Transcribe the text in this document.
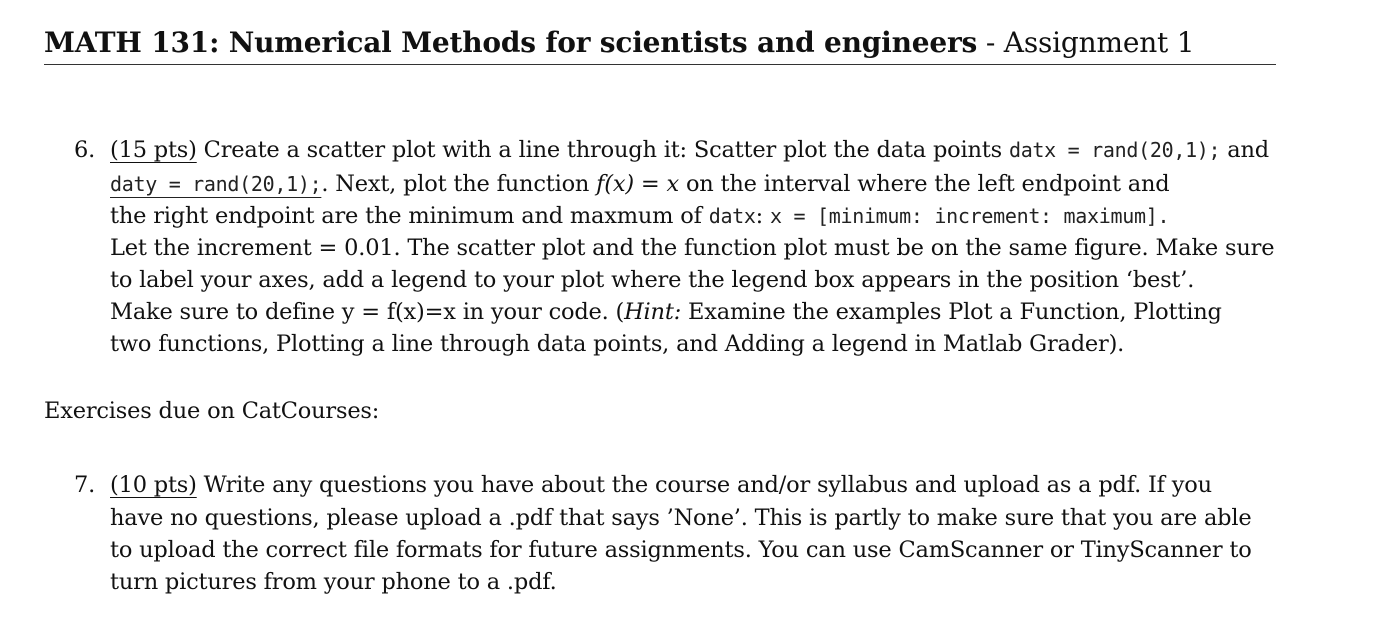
MATH 131: Numerical Methods for scientists and engineers - Assignment 1
6. (15 pts) Create a scatter plot with a line through it: Scatter plot the data points datx = rand(20,1); and
daty = rand(20,1);. Next, plot the function f(x) = x on the interval where the left endpoint and
the right endpoint are the minimum and maxmum of datx: x = [minimum: increment: maximum].
Let the increment = 0.01. The scatter plot and the function plot must be on the same figure. Make sure
to label your axes, add a legend to your plot where the legend box appears in the position ‘best’.
Make sure to define y = f(x)=x in your code. (Hint: Examine the examples Plot a Function, Plotting
two functions, Plotting a line through data points, and Adding a legend in Matlab Grader).
Exercises due on CatCourses:
7. (10 pts) Write any questions you have about the course and/or syllabus and upload as a pdf. If you
have no questions, please upload a .pdf that says ’None’. This is partly to make sure that you are able
to upload the correct file formats for future assignments. You can use CamScanner or TinyScanner to
turn pictures from your phone to a .pdf.
